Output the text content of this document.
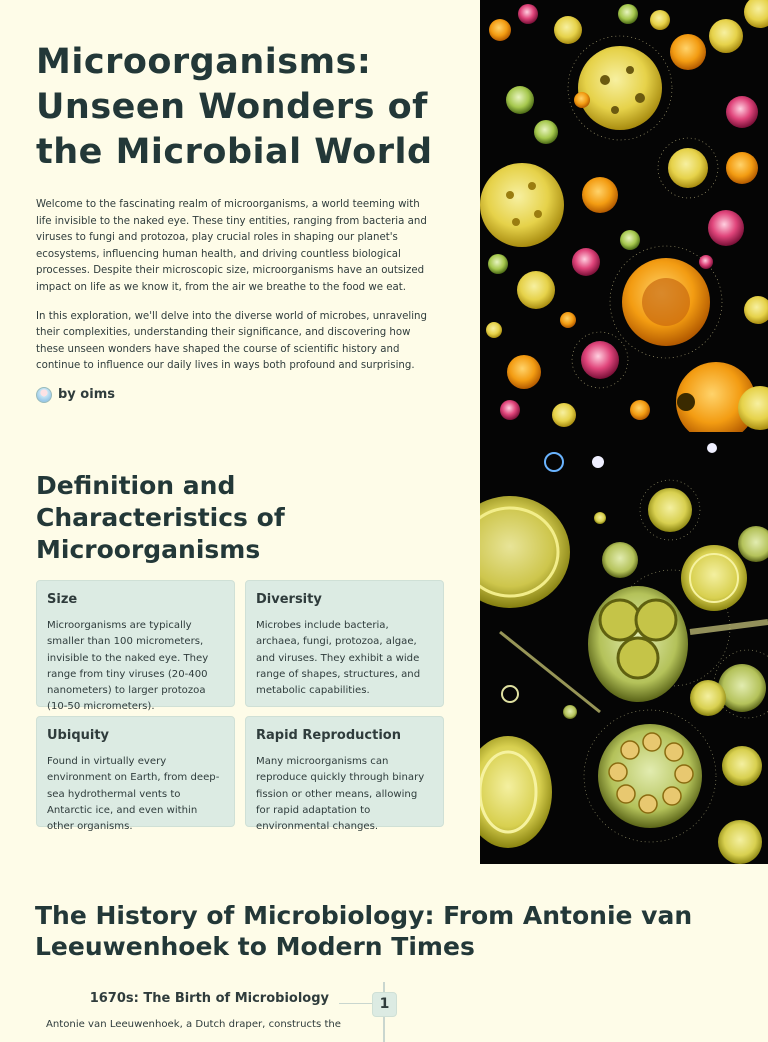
Microorganisms: Unseen Wonders of the Microbial World

Welcome to the fascinating realm of microorganisms, a world teeming with life invisible to the naked eye. These tiny entities, ranging from bacteria and viruses to fungi and protozoa, play crucial roles in shaping our planet's ecosystems, influencing human health, and driving countless biological processes. Despite their microscopic size, microorganisms have an outsized impact on life as we know it, from the air we breathe to the food we eat.

In this exploration, we'll delve into the diverse world of microbes, unraveling their complexities, understanding their significance, and discovering how these unseen wonders have shaped the course of scientific history and continue to influence our daily lives in ways both profound and surprising.

by oims
Definition and Characteristics of Microorganisms
Size

Microorganisms are typically smaller than 100 micrometers, invisible to the naked eye. They range from tiny viruses (20-400 nanometers) to larger protozoa (10-50 micrometers).

Diversity

Microbes include bacteria, archaea, fungi, protozoa, algae, and viruses. They exhibit a wide range of shapes, structures, and metabolic capabilities.

Ubiquity

Found in virtually every environment on Earth, from deep-sea hydrothermal vents to Antarctic ice, and even within other organisms.

Rapid Reproduction

Many microorganisms can reproduce quickly through binary fission or other means, allowing for rapid adaptation to environmental changes.

The History of Microbiology: From Antonie van Leeuwenhoek to Modern Times
1
1670s: The Birth of Microbiology

Antonie van Leeuwenhoek, a Dutch draper, constructs the
